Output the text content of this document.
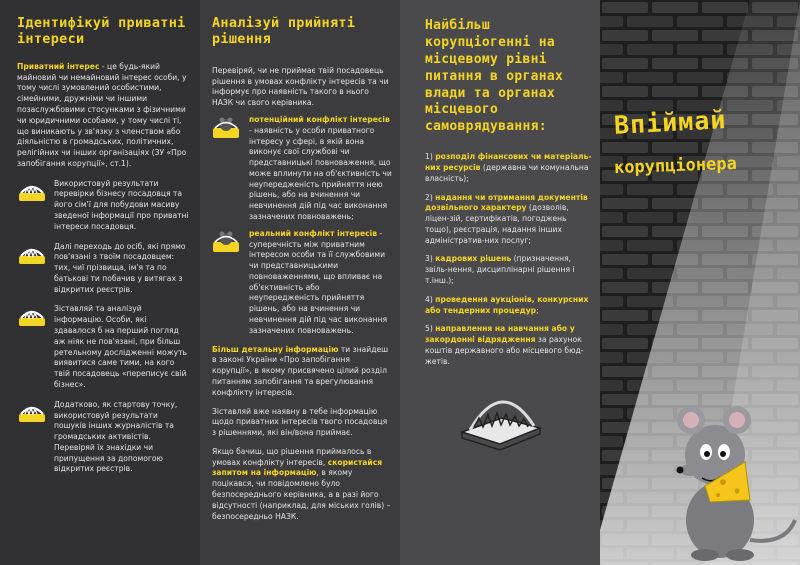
Ідентифікуй приватні інтереси

Приватний інтерес - це будь-який майновий чи немайновий інтерес особи, у тому числі зумовлений особистими, сімейними, дружніми чи іншими позаслужбовими стосунками з фізичними чи юридичними особами, у тому числі ті, що виникають у зв'язку з членством або діяльністю в громадських, політичних, релігійних чи інших організаціях (ЗУ «Про запобігання корупції», ст.1).

Використовуй результати перевірки бізнесу посадовця та його сім'ї для побудови масиву зведеної інформації про приватні інтереси посадовця.

Далі переходь до осіб, які прямо пов'язані з твоїм посадовцем: тих, чиї прізвища, ім'я та по батькові ти побачив у витягах з відкритих реєстрів.

Зіставляй та аналізуй інформацію. Особи, які здавалося б на перший погляд аж ніяк не пов'язані, при більш ретельному дослідженні можуть виявитися саме тими, на кого твій посадовець «переписує свій бізнес».

Додатково, як стартову точку, використовуй результати пошуків інших журналістів та громадських активістів. Перевіряй їх знахідки чи припущення за допомогою відкритих реєстрів.

Аналізуй прийняті рішення

Перевіряй, чи не приймає твій посадовець рішення в умовах конфлікту інтересів та чи інформує про наявність такого в нього НАЗК чи свого керівника.

потенційний конфлікт інтересів - наявність у особи приватного інтересу у сфері, в якій вона виконує свої службові чи представницькі повноваження, що може вплинути на об'єктивність чи неупередженість прийняття нею рішень, або на вчинення чи невчинення дій під час виконання зазначених повноважень;

реальний конфлікт інтересів - суперечність між приватним інтересом особи та її службовими чи представницькими повноваженнями, що впливає на об'єктивність або неупередженість прийняття рішень, або на вчинення чи невчинення дій під час виконання зазначених повноважень.

Більш детальну інформацію ти знайдеш в законі України «Про запобігання корупції», в якому присвячено цілий розділ питанням запобігання та врегулювання конфлікту інтересів.

Зіставляй вже наявну в тебе інформацію щодо приватних інтересів твого посадовця з рішеннями, які він/вона приймає.

Якщо бачиш, що рішення приймалось в умовах конфлікту інтересів, скористайся запитом на інформацію, в якому поцікався, чи повідомлено було безпосереднього керівника, а в разі його відсутності (наприклад, для міських голів) – безпосередньо НАЗК.

Найбільш корупціогенні на місцевому рівні питання в органах влади та органах місцевого самоврядування:

1) розподіл фінансових чи матеріаль-них ресурсів (державна чи комунальна власність);

2) надання чи отримання документів дозвільного характеру (дозволів, ліцен-зій, сертифікатів, погоджень тощо), реєстрація, надання інших адміністратив-них послуг;

3) кадрових рішень (призначення, звіль-нення, дисциплінарні рішення і т.інш.);

4) проведення аукціонів, конкурсних або тендерних процедур;

5) направлення на навчання або у закордонні відрядження за рахунок коштів державного або місцевого бюд-жетів.

Впіймай
корупціонера
